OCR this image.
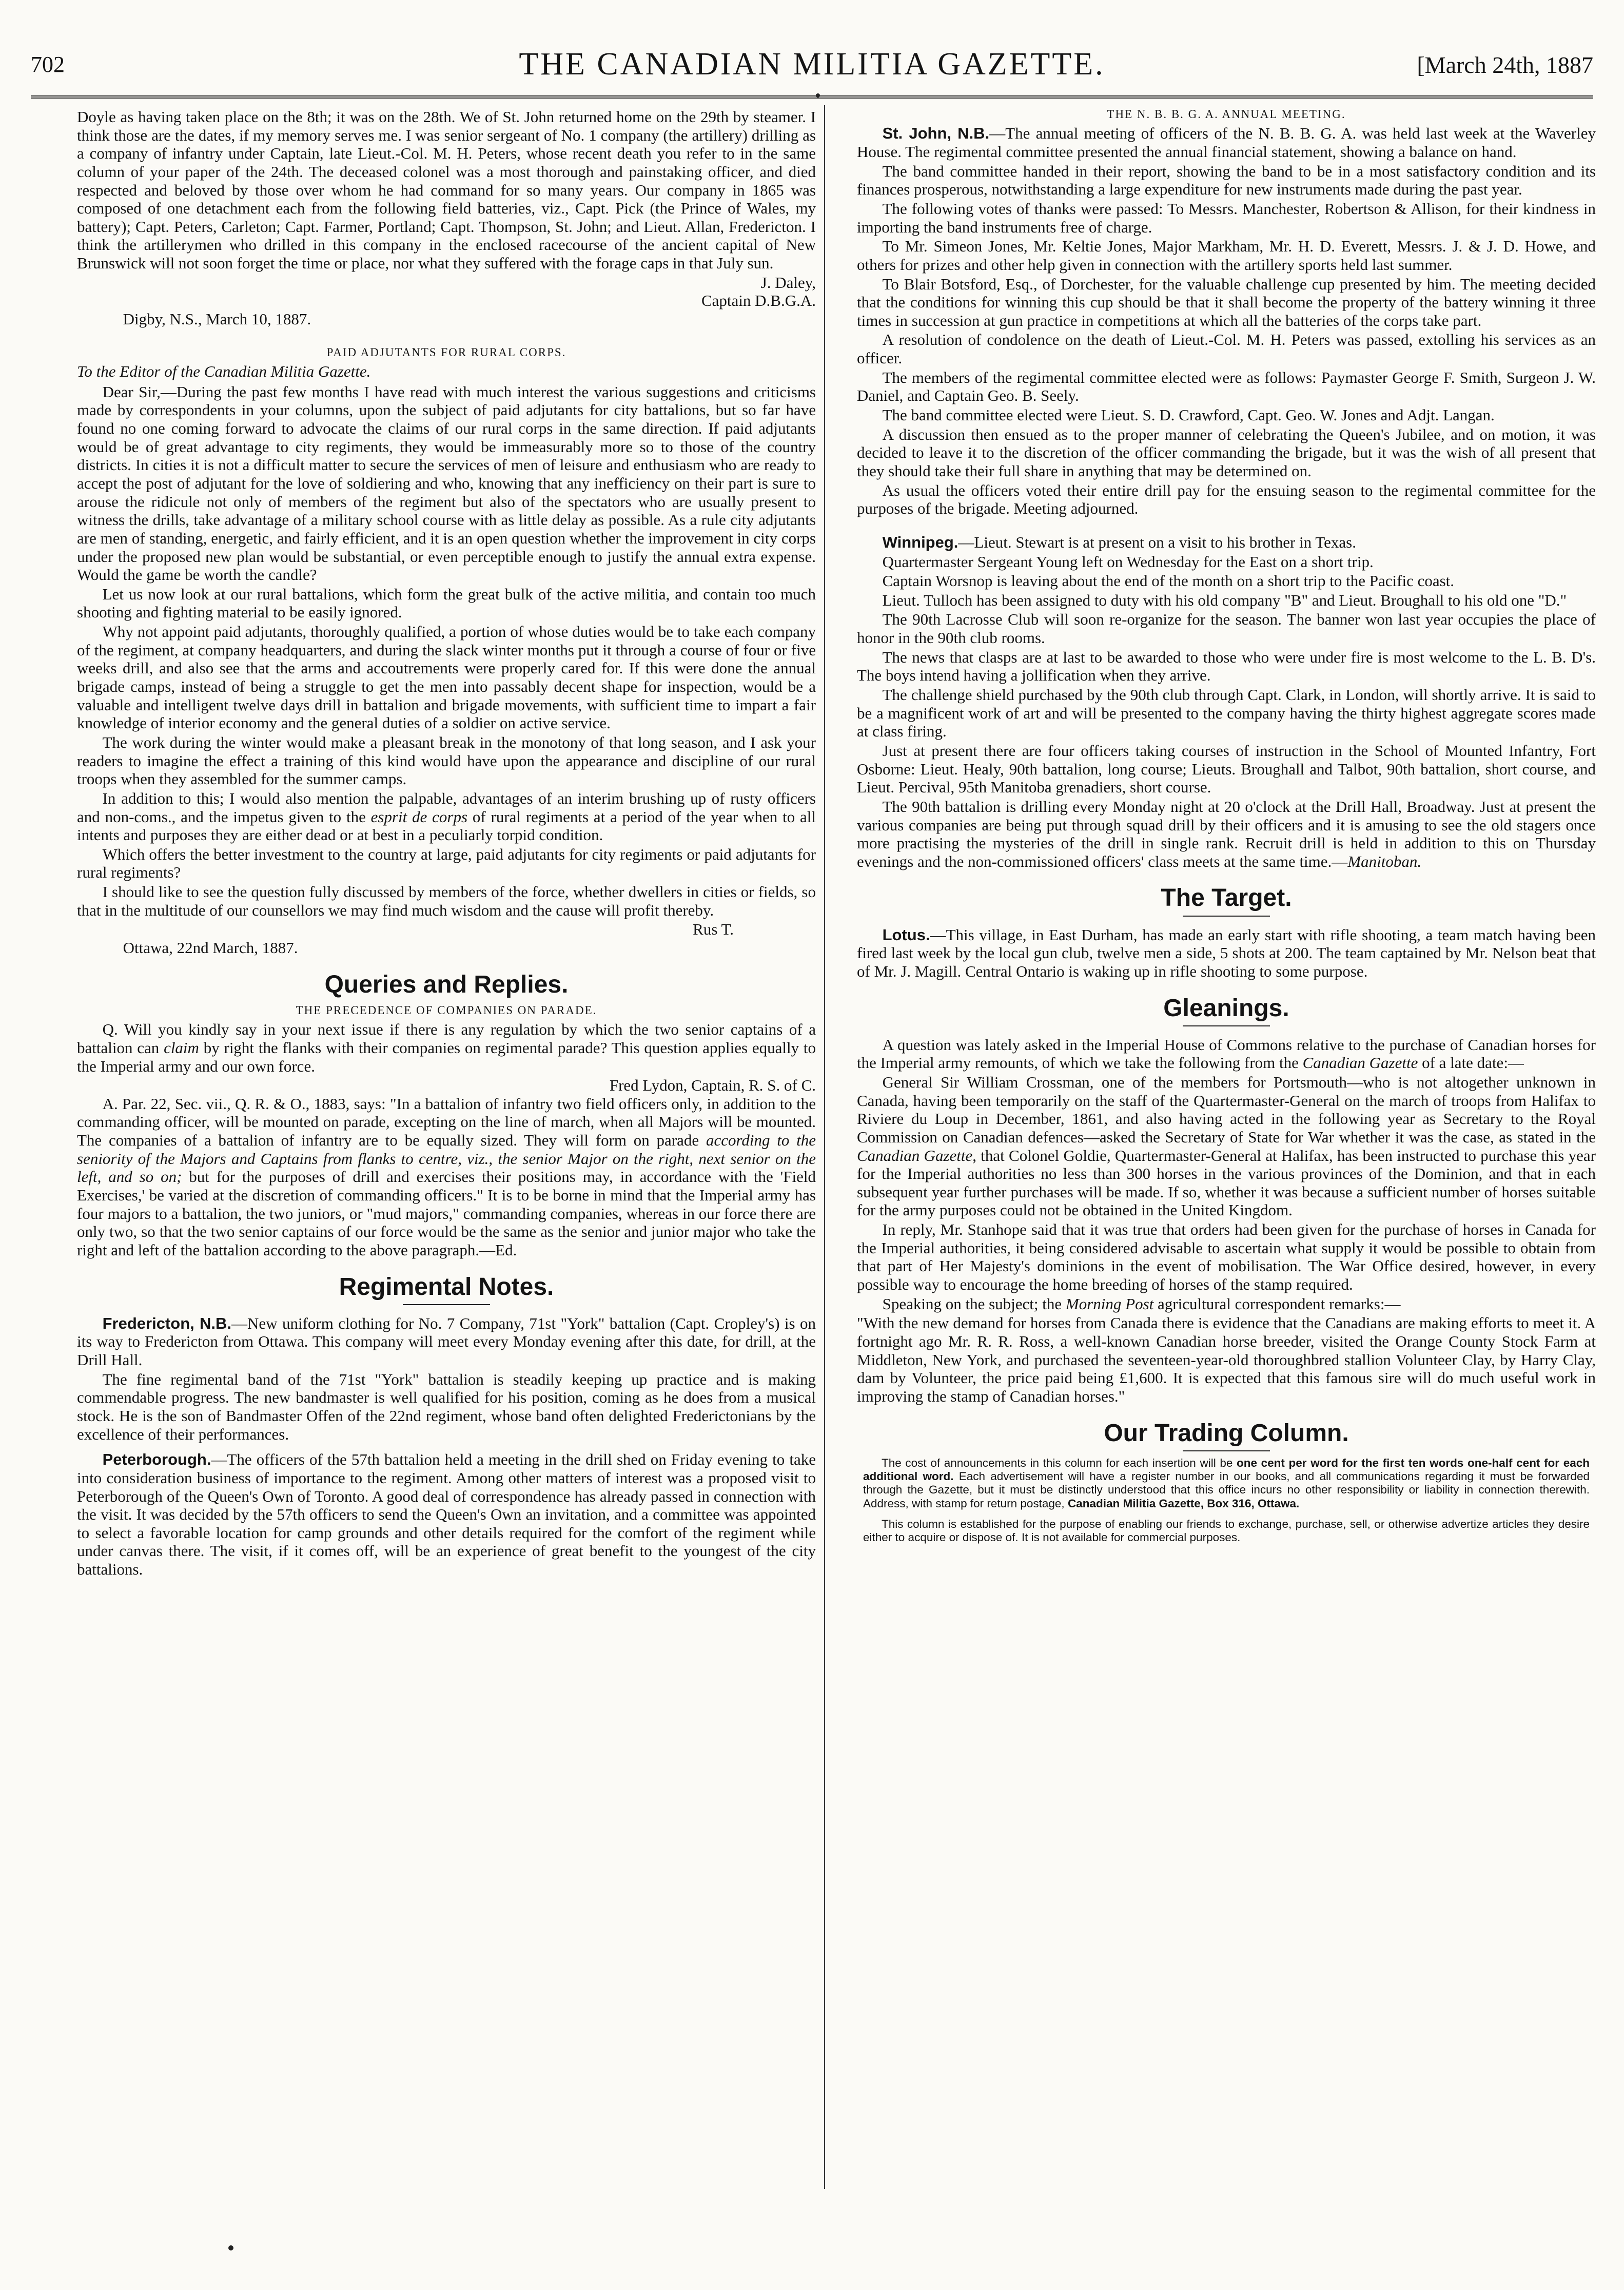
702	THE CANADIAN MILITIA GAZETTE.	[March 24th, 1887

Doyle as having taken place on the 8th; it was on the 28th. We of St. John returned home on the 29th by steamer. I think those are the dates, if my memory serves me. I was senior sergeant of No. 1 company (the artillery) drilling as a company of infantry under Captain, late Lieut.-Col. M. H. Peters, whose recent death you refer to in the same column of your paper of the 24th. The deceased colonel was a most thorough and painstaking officer, and died respected and beloved by those over whom he had command for so many years. Our company in 1865 was composed of one detachment each from the following field batteries, viz., Capt. Pick (the Prince of Wales, my battery); Capt. Peters, Carleton; Capt. Farmer, Portland; Capt. Thompson, St. John; and Lieut. Allan, Fredericton. I think the artillerymen who drilled in this company in the enclosed racecourse of the ancient capital of New Brunswick will not soon forget the time or place, nor what they suffered with the forage caps in that July sun.

J. Daley,

Captain D.B.G.A.

Digby, N.S., March 10, 1887.

PAID ADJUTANTS FOR RURAL CORPS.
To the Editor of the Canadian Militia Gazette.

Dear Sir,—During the past few months I have read with much interest the various suggestions and criticisms made by correspondents in your columns, upon the subject of paid adjutants for city battalions, but so far have found no one coming forward to advocate the claims of our rural corps in the same direction. If paid adjutants would be of great advantage to city regiments, they would be immeasurably more so to those of the country districts. In cities it is not a difficult matter to secure the services of men of leisure and enthusiasm who are ready to accept the post of adjutant for the love of soldiering and who, knowing that any inefficiency on their part is sure to arouse the ridicule not only of members of the regiment but also of the spectators who are usually present to witness the drills, take advantage of a military school course with as little delay as possible. As a rule city adjutants are men of standing, energetic, and fairly efficient, and it is an open question whether the improvement in city corps under the proposed new plan would be substantial, or even perceptible enough to justify the annual extra expense. Would the game be worth the candle?

Let us now look at our rural battalions, which form the great bulk of the active militia, and contain too much shooting and fighting material to be easily ignored.

Why not appoint paid adjutants, thoroughly qualified, a portion of whose duties would be to take each company of the regiment, at company headquarters, and during the slack winter months put it through a course of four or five weeks drill, and also see that the arms and accoutrements were properly cared for. If this were done the annual brigade camps, instead of being a struggle to get the men into passably decent shape for inspection, would be a valuable and intelligent twelve days drill in battalion and brigade movements, with sufficient time to impart a fair knowledge of interior economy and the general duties of a soldier on active service.

The work during the winter would make a pleasant break in the monotony of that long season, and I ask your readers to imagine the effect a training of this kind would have upon the appearance and discipline of our rural troops when they assembled for the summer camps.

In addition to this; I would also mention the palpable, advantages of an interim brushing up of rusty officers and non-coms., and the impetus given to the esprit de corps of rural regiments at a period of the year when to all intents and purposes they are either dead or at best in a peculiarly torpid condition.

Which offers the better investment to the country at large, paid adjutants for city regiments or paid adjutants for rural regiments?

I should like to see the question fully discussed by members of the force, whether dwellers in cities or fields, so that in the multitude of our counsellors we may find much wisdom and the cause will profit thereby.

Rus T.

Ottawa, 22nd March, 1887.

Queries and Replies.
THE PRECEDENCE OF COMPANIES ON PARADE.

Q. Will you kindly say in your next issue if there is any regulation by which the two senior captains of a battalion can claim by right the flanks with their companies on regimental parade? This question applies equally to the Imperial army and our own force.

Fred Lydon, Captain, R. S. of C.

A. Par. 22, Sec. vii., Q. R. & O., 1883, says: "In a battalion of infantry two field officers only, in addition to the commanding officer, will be mounted on parade, excepting on the line of march, when all Majors will be mounted. The companies of a battalion of infantry are to be equally sized. They will form on parade according to the seniority of the Majors and Captains from flanks to centre, viz., the senior Major on the right, next senior on the left, and so on; but for the purposes of drill and exercises their positions may, in accordance with the 'Field Exercises,' be varied at the discretion of commanding officers." It is to be borne in mind that the Imperial army has four majors to a battalion, the two juniors, or "mud majors," commanding companies, whereas in our force there are only two, so that the two senior captains of our force would be the same as the senior and junior major who take the right and left of the battalion according to the above paragraph.—Ed.

Regimental Notes.

Fredericton, N.B.—New uniform clothing for No. 7 Company, 71st "York" battalion (Capt. Cropley's) is on its way to Fredericton from Ottawa. This company will meet every Monday evening after this date, for drill, at the Drill Hall.

The fine regimental band of the 71st "York" battalion is steadily keeping up practice and is making commendable progress. The new bandmaster is well qualified for his position, coming as he does from a musical stock. He is the son of Bandmaster Offen of the 22nd regiment, whose band often delighted Frederictonians by the excellence of their performances.

Peterborough.—The officers of the 57th battalion held a meeting in the drill shed on Friday evening to take into consideration business of importance to the regiment. Among other matters of interest was a proposed visit to Peterborough of the Queen's Own of Toronto. A good deal of correspondence has already passed in connection with the visit. It was decided by the 57th officers to send the Queen's Own an invitation, and a committee was appointed to select a favorable location for camp grounds and other details required for the comfort of the regiment while under canvas there. The visit, if it comes off, will be an experience of great benefit to the youngest of the city battalions.

THE N. B. B. G. A. ANNUAL MEETING.

St. John, N.B.—The annual meeting of officers of the N. B. B. G. A. was held last week at the Waverley House. The regimental committee presented the annual financial statement, showing a balance on hand.

The band committee handed in their report, showing the band to be in a most satisfactory condition and its finances prosperous, notwithstanding a large expenditure for new instruments made during the past year.

The following votes of thanks were passed: To Messrs. Manchester, Robertson & Allison, for their kindness in importing the band instruments free of charge.

To Mr. Simeon Jones, Mr. Keltie Jones, Major Markham, Mr. H. D. Everett, Messrs. J. & J. D. Howe, and others for prizes and other help given in connection with the artillery sports held last summer.

To Blair Botsford, Esq., of Dorchester, for the valuable challenge cup presented by him. The meeting decided that the conditions for winning this cup should be that it shall become the property of the battery winning it three times in succession at gun practice in competitions at which all the batteries of the corps take part.

A resolution of condolence on the death of Lieut.-Col. M. H. Peters was passed, extolling his services as an officer.

The members of the regimental committee elected were as follows: Paymaster George F. Smith, Surgeon J. W. Daniel, and Captain Geo. B. Seely.

The band committee elected were Lieut. S. D. Crawford, Capt. Geo. W. Jones and Adjt. Langan.

A discussion then ensued as to the proper manner of celebrating the Queen's Jubilee, and on motion, it was decided to leave it to the discretion of the officer commanding the brigade, but it was the wish of all present that they should take their full share in anything that may be determined on.

As usual the officers voted their entire drill pay for the ensuing season to the regimental committee for the purposes of the brigade. Meeting adjourned.

Winnipeg.—Lieut. Stewart is at present on a visit to his brother in Texas.

Quartermaster Sergeant Young left on Wednesday for the East on a short trip.

Captain Worsnop is leaving about the end of the month on a short trip to the Pacific coast.

Lieut. Tulloch has been assigned to duty with his old company "B" and Lieut. Broughall to his old one "D."

The 90th Lacrosse Club will soon re-organize for the season. The banner won last year occupies the place of honor in the 90th club rooms.

The news that clasps are at last to be awarded to those who were under fire is most welcome to the L. B. D's. The boys intend having a jollification when they arrive.

The challenge shield purchased by the 90th club through Capt. Clark, in London, will shortly arrive. It is said to be a magnificent work of art and will be presented to the company having the thirty highest aggregate scores made at class firing.

Just at present there are four officers taking courses of instruction in the School of Mounted Infantry, Fort Osborne: Lieut. Healy, 90th battalion, long course; Lieuts. Broughall and Talbot, 90th battalion, short course, and Lieut. Percival, 95th Manitoba grenadiers, short course.

The 90th battalion is drilling every Monday night at 20 o'clock at the Drill Hall, Broadway. Just at present the various companies are being put through squad drill by their officers and it is amusing to see the old stagers once more practising the mysteries of the drill in single rank. Recruit drill is held in addition to this on Thursday evenings and the non-commissioned officers' class meets at the same time.—Manitoban.

The Target.

Lotus.—This village, in East Durham, has made an early start with rifle shooting, a team match having been fired last week by the local gun club, twelve men a side, 5 shots at 200. The team captained by Mr. Nelson beat that of Mr. J. Magill. Central Ontario is waking up in rifle shooting to some purpose.

Gleanings.

A question was lately asked in the Imperial House of Commons relative to the purchase of Canadian horses for the Imperial army remounts, of which we take the following from the Canadian Gazette of a late date:—

General Sir William Crossman, one of the members for Portsmouth—who is not altogether unknown in Canada, having been temporarily on the staff of the Quartermaster-General on the march of troops from Halifax to Riviere du Loup in December, 1861, and also having acted in the following year as Secretary to the Royal Commission on Canadian defences—asked the Secretary of State for War whether it was the case, as stated in the Canadian Gazette, that Colonel Goldie, Quartermaster-General at Halifax, has been instructed to purchase this year for the Imperial authorities no less than 300 horses in the various provinces of the Dominion, and that in each subsequent year further purchases will be made. If so, whether it was because a sufficient number of horses suitable for the army purposes could not be obtained in the United Kingdom.

In reply, Mr. Stanhope said that it was true that orders had been given for the purchase of horses in Canada for the Imperial authorities, it being considered advisable to ascertain what supply it would be possible to obtain from that part of Her Majesty's dominions in the event of mobilisation. The War Office desired, however, in every possible way to encourage the home breeding of horses of the stamp required.

Speaking on the subject; the Morning Post agricultural correspondent remarks:—

"With the new demand for horses from Canada there is evidence that the Canadians are making efforts to meet it. A fortnight ago Mr. R. R. Ross, a well-known Canadian horse breeder, visited the Orange County Stock Farm at Middleton, New York, and purchased the seventeen-year-old thoroughbred stallion Volunteer Clay, by Harry Clay, dam by Volunteer, the price paid being £1,600. It is expected that this famous sire will do much useful work in improving the stamp of Canadian horses."

Our Trading Column.

The cost of announcements in this column for each insertion will be one cent per word for the first ten words one-half cent for each additional word. Each advertisement will have a register number in our books, and all communications regarding it must be forwarded through the Gazette, but it must be distinctly understood that this office incurs no other responsibility or liability in connection therewith. Address, with stamp for return postage, Canadian Militia Gazette, Box 316, Ottawa.

This column is established for the purpose of enabling our friends to exchange, purchase, sell, or otherwise advertize articles they desire either to acquire or dispose of. It is not available for commercial purposes.
